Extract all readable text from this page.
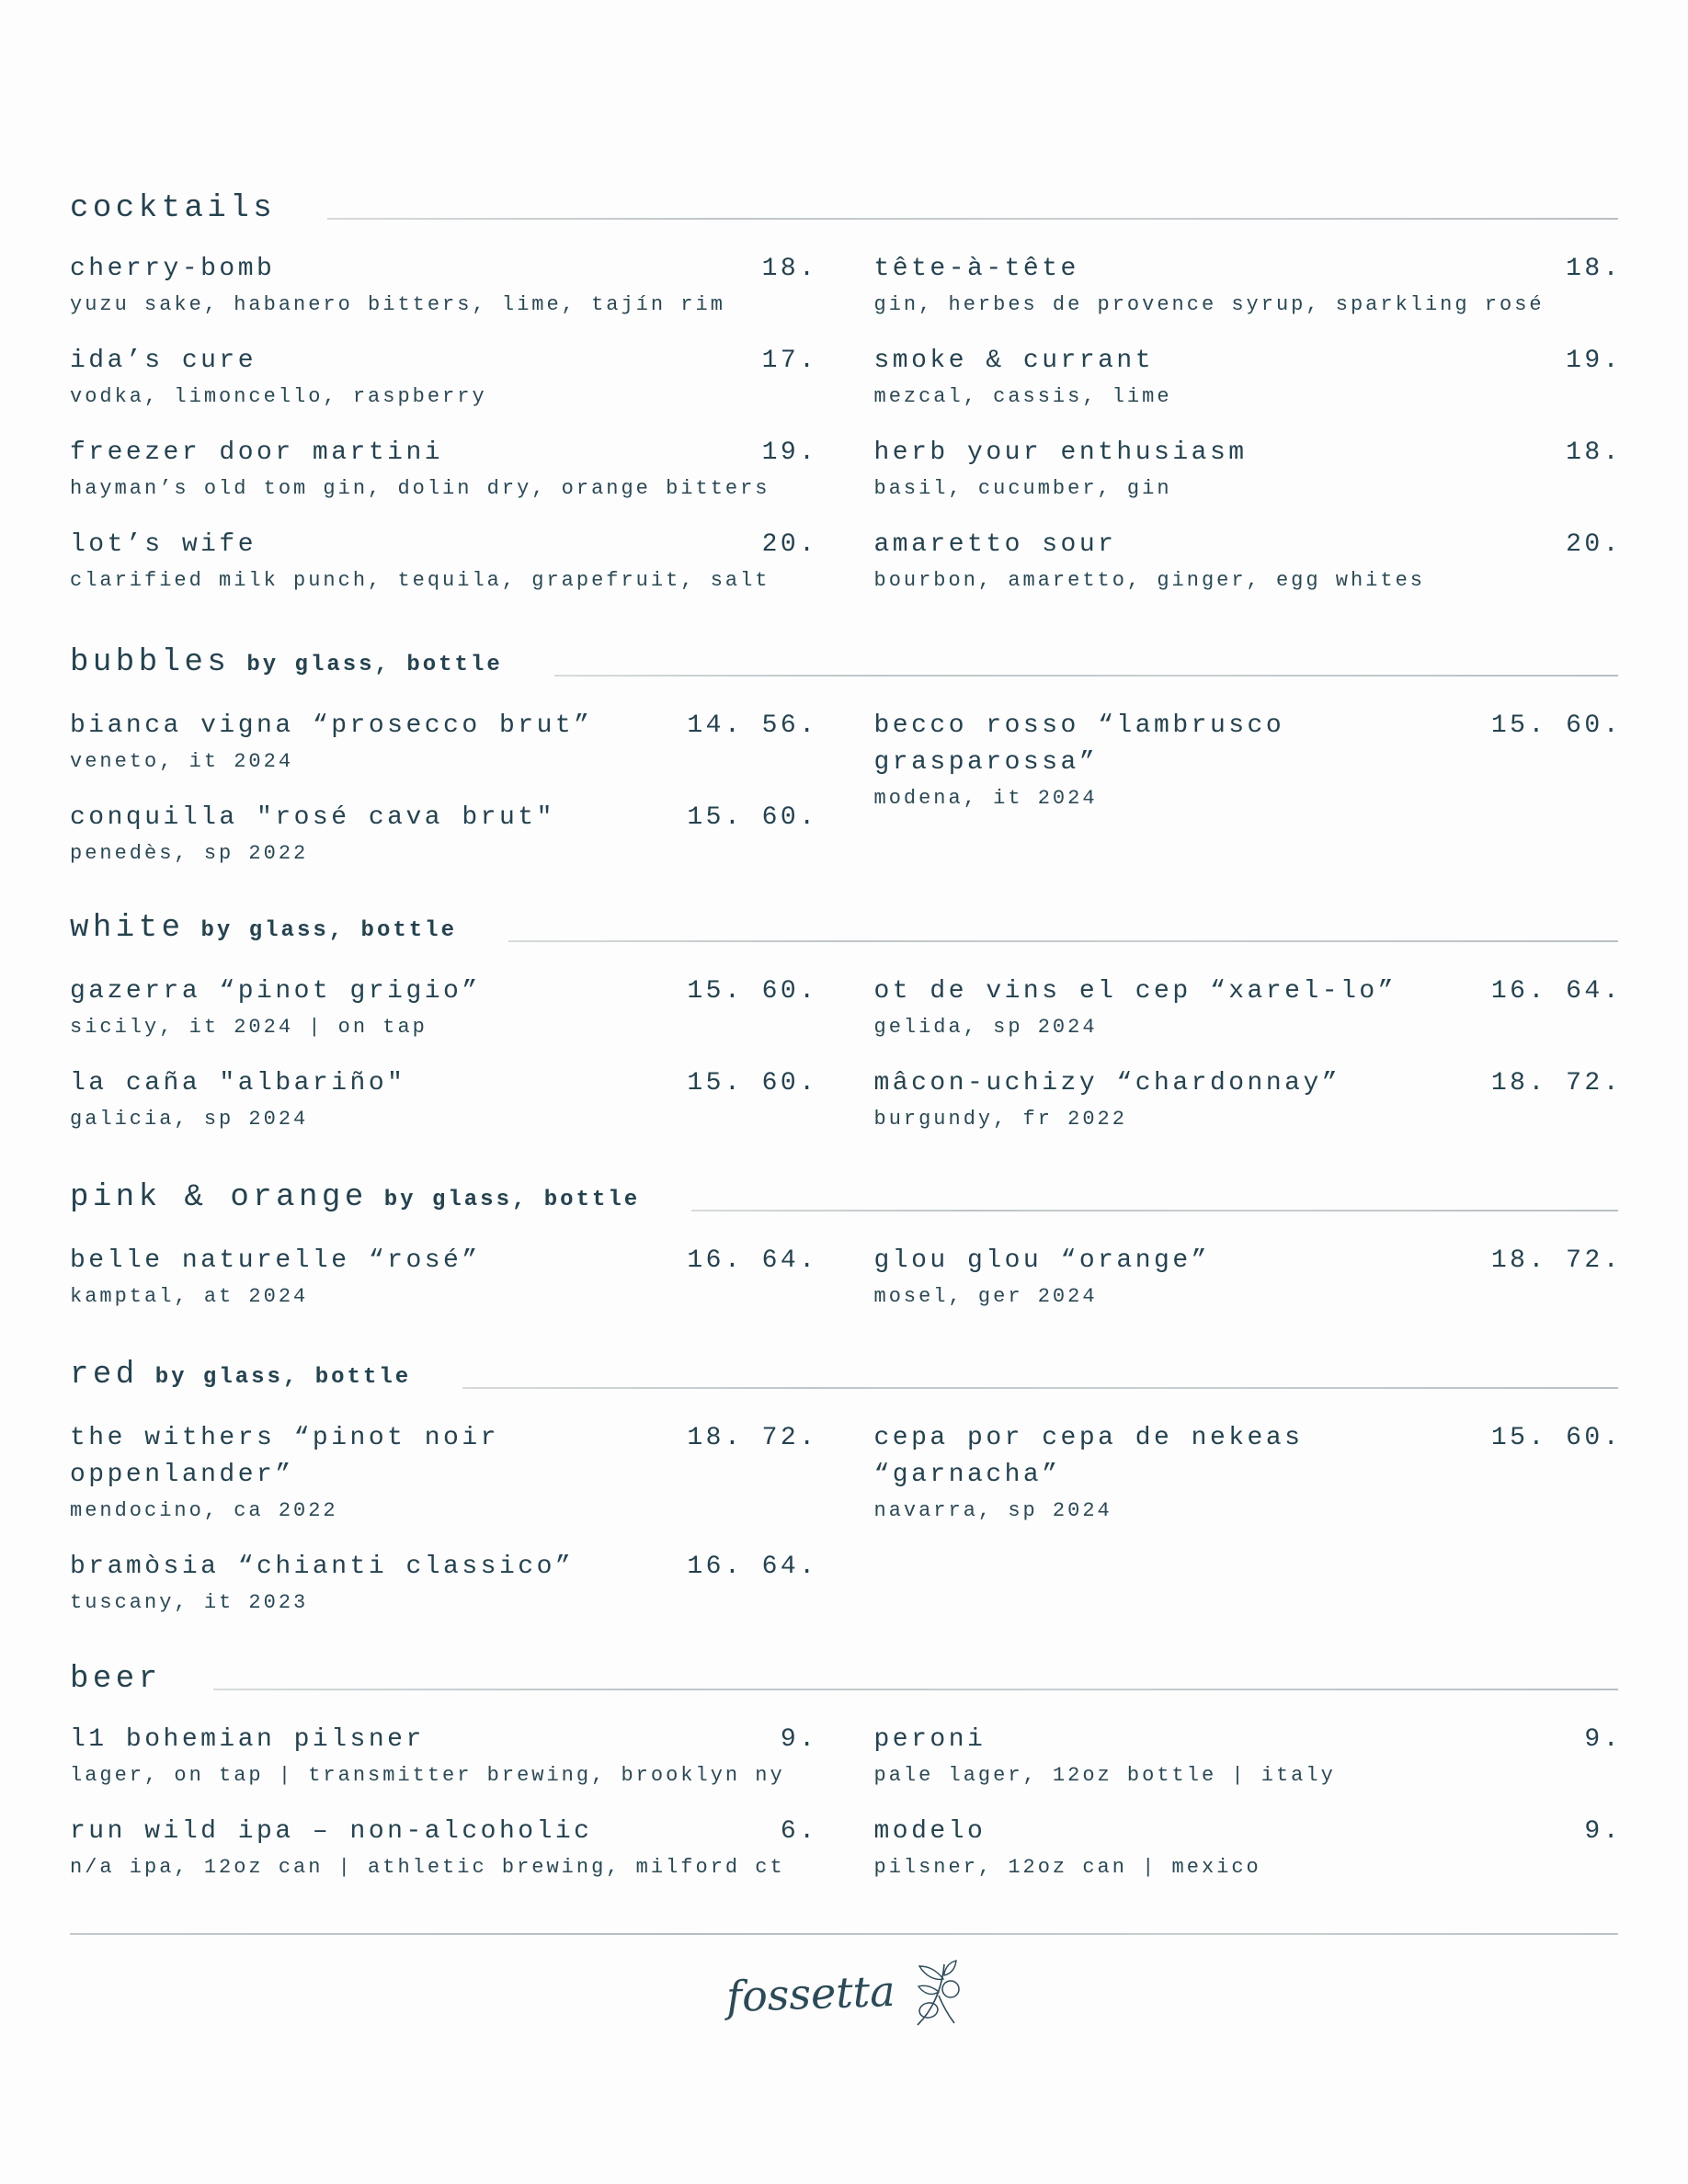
cocktails
cherry-bomb	18.
yuzu sake, habanero bitters, lime, tajín rim
ida’s cure	17.
vodka, limoncello, raspberry
freezer door martini	19.
hayman’s old tom gin, dolin dry, orange bitters
lot’s wife	20.
clarified milk punch, tequila, grapefruit, salt
tête-à-tête	18.
gin, herbes de provence syrup, sparkling rosé
smoke & currant	19.
mezcal, cassis, lime
herb your enthusiasm	18.
basil, cucumber, gin
amaretto sour	20.
bourbon, amaretto, ginger, egg whites
bubbles by glass, bottle
bianca vigna “prosecco brut”	14. 56.
veneto, it 2024
conquilla "rosé cava brut"	15. 60.
penedès, sp 2022
becco rosso “lambrusco grasparossa”
15. 60.
modena, it 2024
white by glass, bottle
gazerra “pinot grigio”	15. 60.
sicily, it 2024 | on tap
la caña "albariño"	15. 60.
galicia, sp 2024
ot de vins el cep “xarel-lo”	16. 64.
gelida, sp 2024
mâcon-uchizy “chardonnay”	18. 72.
burgundy, fr 2022
pink & orange by glass, bottle
belle naturelle “rosé”	16. 64.
kamptal, at 2024
glou glou “orange”	18. 72.
mosel, ger 2024
red by glass, bottle
the withers “pinot noir oppenlander”
18. 72.
mendocino, ca 2022
bramòsia “chianti classico”	16. 64.
tuscany, it 2023
cepa por cepa de nekeas “garnacha”
15. 60.
navarra, sp 2024
beer
l1 bohemian pilsner	9.
lager, on tap | transmitter brewing, brooklyn ny
run wild ipa – non-alcoholic	6.
n/a ipa, 12oz can | athletic brewing, milford ct
peroni	9.
pale lager, 12oz bottle | italy
modelo	9.
pilsner, 12oz can | mexico
fossetta
